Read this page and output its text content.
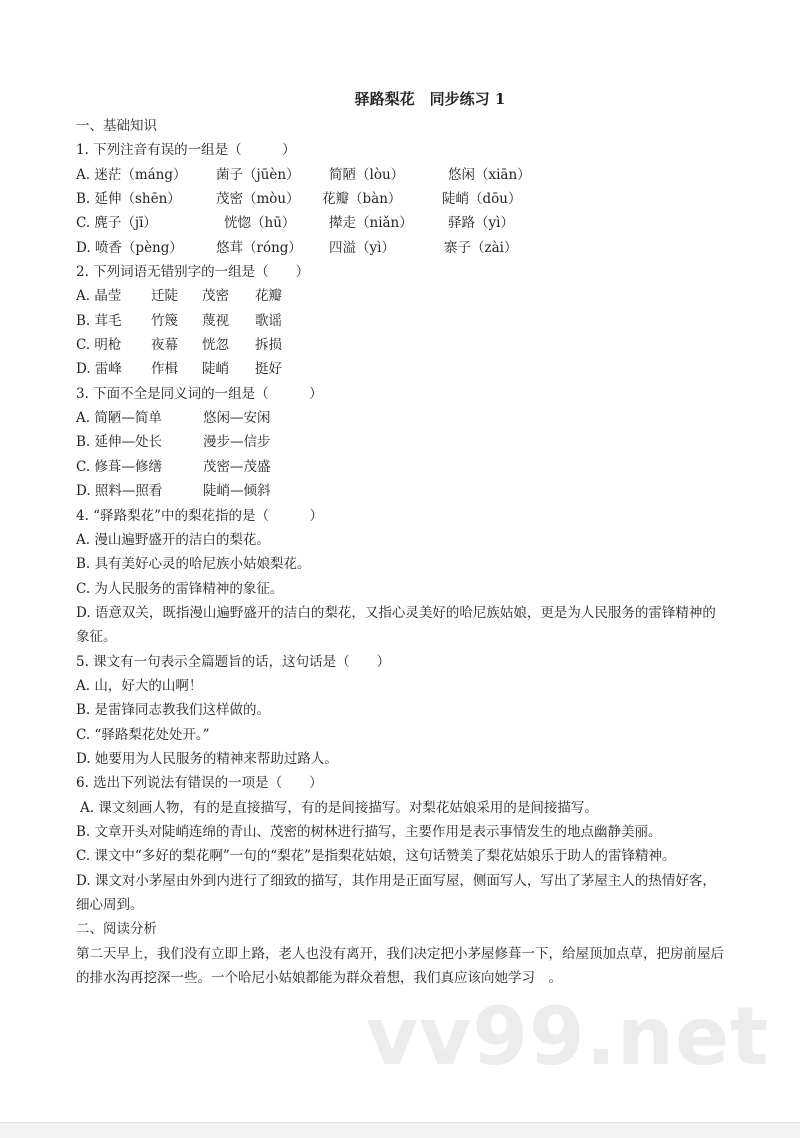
驿路梨花　同步练习 1
一、基础知识
1. 下列注音有误的一组是（　　　）
A. 迷茫（máng） 菌子（jūèn） 简陋（lòu）	悠闲（xiān）
B. 延伸（shēn）	茂密（mòu） 花瓣（bàn）	陡峭（dōu）
C. 麂子（jī）	恍惚（hū） 撵走（niǎn）	驿路（yì）
D. 喷香（pèng） 悠茸（róng） 四溢（yì）	寨子（zài）
2. 下列词语无错别字的一组是（　　）
A. 晶莹 迁陡 茂密 花瓣
B. 茸毛 竹篾 蔑视 歌谣
C. 明枪 夜幕 恍忽 拆损
D. 雷峰 作楫 陡峭 挺好
3. 下面不全是同义词的一组是（　　　）
A. 简陋—简单	悠闲—安闲
B. 延伸—处长	漫步—信步
C. 修葺—修缮	茂密—茂盛
D. 照料—照看	陡峭—倾斜
4. “驿路梨花”中的梨花指的是（　　　）
A. 漫山遍野盛开的洁白的梨花。
B. 具有美好心灵的哈尼族小姑娘梨花。
C. 为人民服务的雷锋精神的象征。
D. 语意双关，既指漫山遍野盛开的洁白的梨花，又指心灵美好的哈尼族姑娘，更是为人民服务的雷锋精神的象征。
5. 课文有一句表示全篇题旨的话，这句话是（　　）
A. 山，好大的山啊！
B. 是雷锋同志教我们这样做的。
C. “驿路梨花处处开。”
D. 她要用为人民服务的精神来帮助过路人。
6. 选出下列说法有错误的一项是（　　）
A. 课文刻画人物，有的是直接描写，有的是间接描写。对梨花姑娘采用的是间接描写。
B. 文章开头对陡峭连绵的青山、茂密的树林进行描写，主要作用是表示事情发生的地点幽静美丽。
C. 课文中“多好的梨花啊”一句的“梨花”是指梨花姑娘，这句话赞美了梨花姑娘乐于助人的雷锋精神。
D. 课文对小茅屋由外到内进行了细致的描写，其作用是正面写屋，侧面写人，写出了茅屋主人的热情好客，细心周到。
二、阅读分析
第二天早上，我们没有立即上路，老人也没有离开，我们决定把小茅屋修葺一下，给屋顶加点草，把房前屋后的排水沟再挖深一些。一个哈尼小姑娘都能为群众着想，我们真应该向她学习　。
vv99.net
